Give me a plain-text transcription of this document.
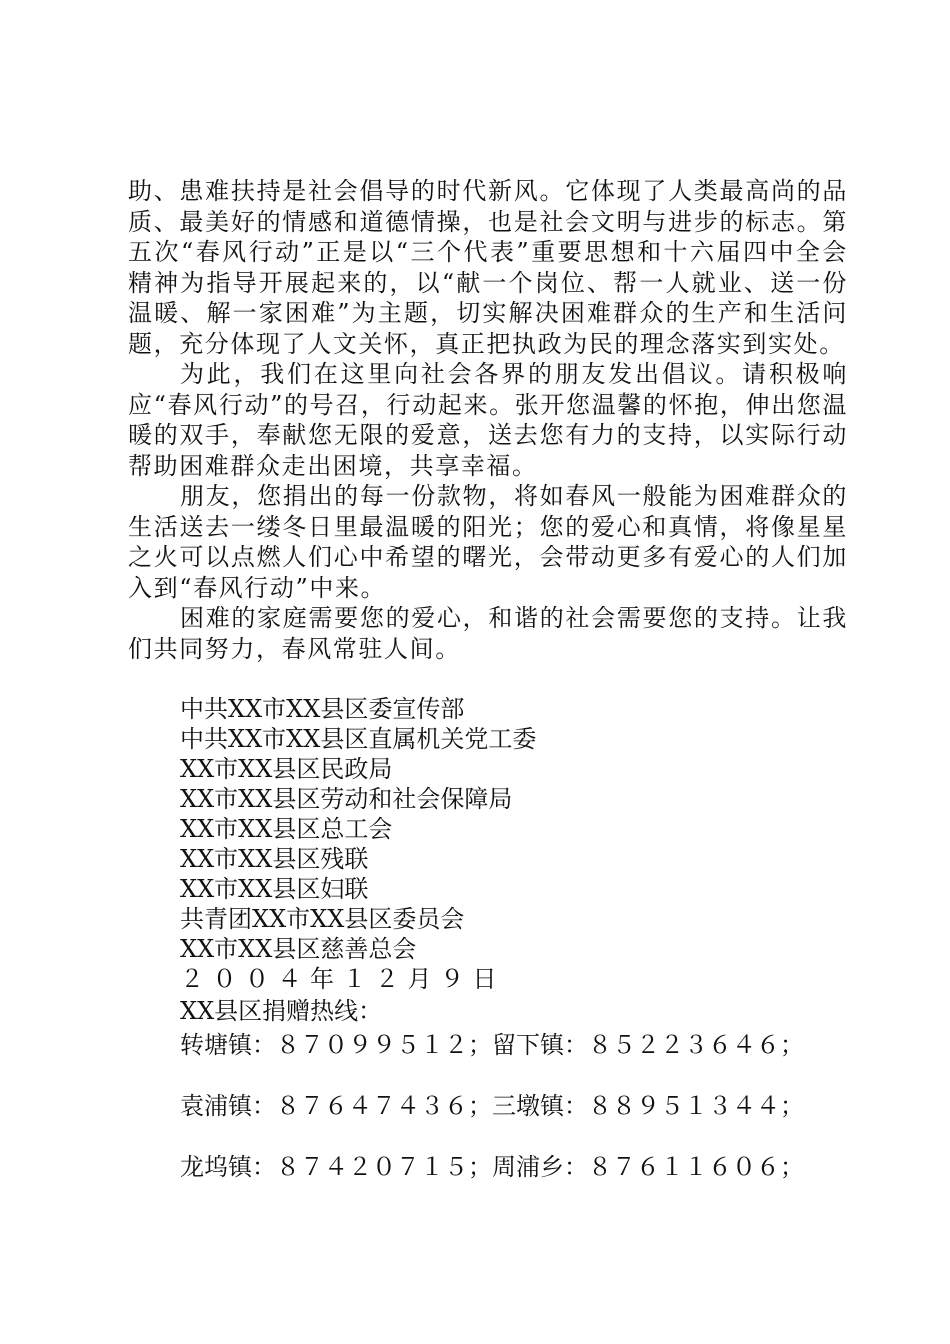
助、患难扶持是社会倡导的时代新风。它体现了人类最高尚的品质、最美好的情感和道德情操，也是社会文明与进步的标志。第五次“春风行动”正是以“三个代表”重要思想和十六届四中全会精神为指导开展起来的，以“献一个岗位、帮一人就业、送一份温暖、解一家困难”为主题，切实解决困难群众的生产和生活问题，充分体现了人文关怀，真正把执政为民的理念落实到实处。

为此，我们在这里向社会各界的朋友发出倡议。请积极响应“春风行动”的号召，行动起来。张开您温馨的怀抱，伸出您温暖的双手，奉献您无限的爱意，送去您有力的支持，以实际行动帮助困难群众走出困境，共享幸福。

朋友，您捐出的每一份款物，将如春风一般能为困难群众的生活送去一缕冬日里最温暖的阳光；您的爱心和真情，将像星星之火可以点燃人们心中希望的曙光，会带动更多有爱心的人们加入到“春风行动”中来。

困难的家庭需要您的爱心，和谐的社会需要您的支持。让我们共同努力，春风常驻人间。

中共XX市XX县区委宣传部
中共XX市XX县区直属机关党工委
XX市XX县区民政局
XX市XX县区劳动和社会保障局
XX市XX县区总工会
XX市XX县区残联
XX市XX县区妇联
共青团XX市XX县区委员会
XX市XX县区慈善总会
２００４年１２月９日
XX县区捐赠热线：
转塘镇：８７０９９５１２；留下镇：８５２２３６４６；
袁浦镇：８７６４７４３６；三墩镇：８８９５１３４４；
龙坞镇：８７４２０７１５；周浦乡：８７６１１６０６；
